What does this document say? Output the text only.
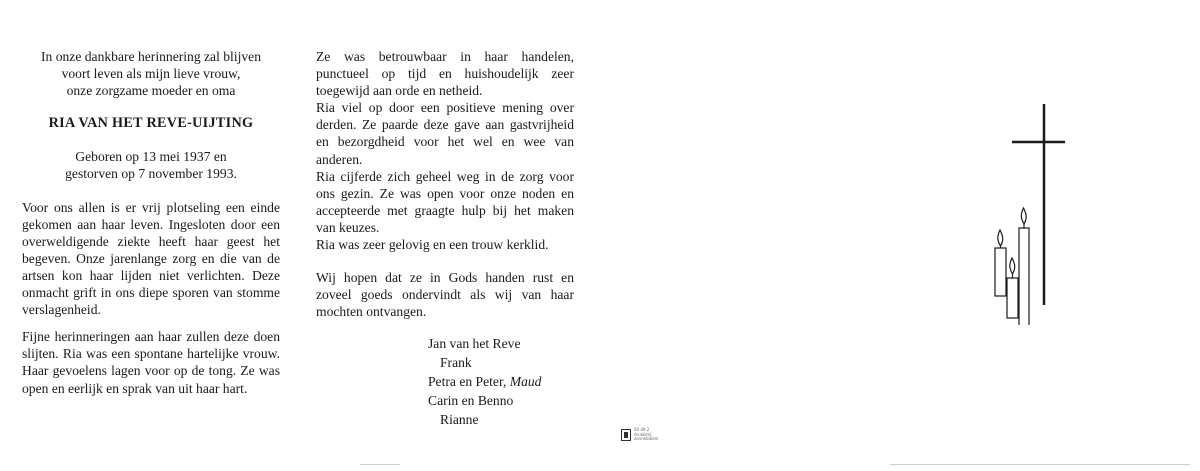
In onze dankbare herinnering zal blijven
voort leven als mijn lieve vrouw,
onze zorgzame moeder en oma
RIA VAN HET REVE-UIJTING
Geboren op 13 mei 1937 en
gestorven op 7 november 1993.

Voor ons allen is er vrij plotseling een einde gekomen aan haar leven. Ingesloten door een overweldigende ziekte heeft haar geest het begeven. Onze jarenlange zorg en die van de artsen kon haar lijden niet verlichten. Deze onmacht grift in ons diepe sporen van stomme verslagenheid.

Fijne herinneringen aan haar zullen deze doen slijten. Ria was een spontane hartelijke vrouw. Haar gevoelens lagen voor op de tong. Ze was open en eerlijk en sprak van uit haar hart.

Ze was betrouwbaar in haar handelen, punctueel op tijd en huishoudelijk zeer toegewijd aan orde en netheid.

Ria viel op door een positieve mening over derden. Ze paarde deze gave aan gastvrijheid en bezorgdheid voor het wel en wee van anderen.

Ria cijferde zich geheel weg in de zorg voor ons gezin. Ze was open voor onze noden en accepteerde met graagte hulp bij het maken van keuzes.

Ria was zeer gelovig en een trouw kerklid.

Wij hopen dat ze in Gods handen rust en zoveel goeds ondervindt als wij van haar mochten ontvangen.

Jan van het Reve
Frank
Petra en Peter, Maud
Carin en Benno
Rianne
50 49 2
drukkerij
zonnebloem
